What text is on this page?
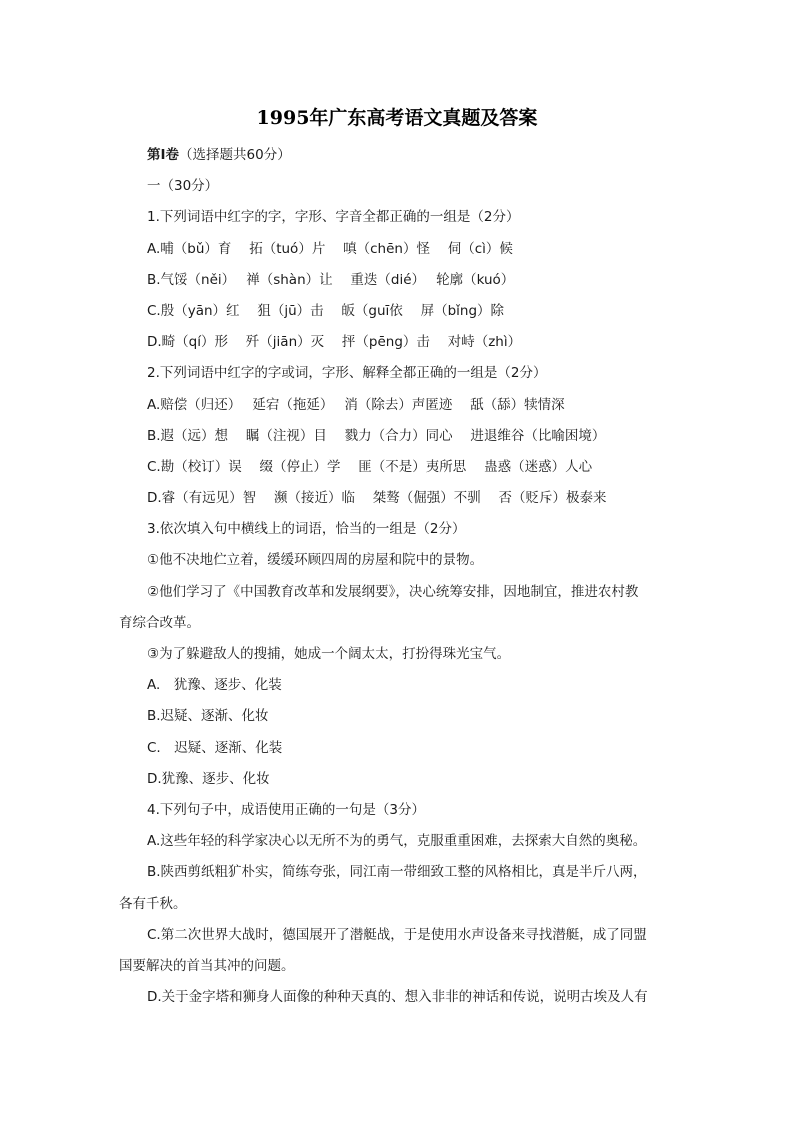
1995年广东高考语文真题及答案
第Ⅰ卷（选择题共60分）
一（30分）
1.下列词语中红字的字，字形、字音全都正确的一组是（2分）
A.哺（bǔ）育　 拓（tuó）片　 嗔（chēn）怪　 伺（cì）候
B.气馁（něi）　 禅（shàn）让　 重迭（dié）　 轮廓（kuó）
C.殷（yān）红　 狙（jū）击　 皈（guī依　 屏（bǐng）除
D.畸（qí）形　 歼（jiān）灭　 抨（pēng）击　 对峙（zhì）
2.下列词语中红字的字或词，字形、解释全都正确的一组是（2分）
A.赔偿（归还）　 延宕（拖延）　 消（除去）声匿迹　 舐（舔）犊情深
B.遐（远）想　 瞩（注视）目　 戮力（合力）同心　 进退维谷（比喻困境）
C.勘（校订）误　 缀（停止）学　 匪（不是）夷所思　 蛊惑（迷惑）人心
D.睿（有远见）智　 濒（接近）临　 桀骜（倔强）不驯　 否（贬斥）极泰来
3.依次填入句中横线上的词语，恰当的一组是（2分）
①他不决地伫立着，缓缓环顾四周的房屋和院中的景物。
②他们学习了《中国教育改革和发展纲要》，决心统筹安排，因地制宜，推进农村教
育综合改革。
③为了躲避敌人的搜捕，她成一个阔太太，打扮得珠光宝气。
A.　犹豫、逐步、化装
B.迟疑、逐渐、化妆
C.　迟疑、逐渐、化装
D.犹豫、逐步、化妆
4.下列句子中，成语使用正确的一句是（3分）
A.这些年轻的科学家决心以无所不为的勇气，克服重重困难，去探索大自然的奥秘。
B.陕西剪纸粗犷朴实，简练夸张，同江南一带细致工整的风格相比，真是半斤八两，
各有千秋。
C.第二次世界大战时，德国展开了潜艇战，于是使用水声设备来寻找潜艇，成了同盟
国要解决的首当其冲的问题。
D.关于金字塔和狮身人面像的种种天真的、想入非非的神话和传说，说明古埃及人有
